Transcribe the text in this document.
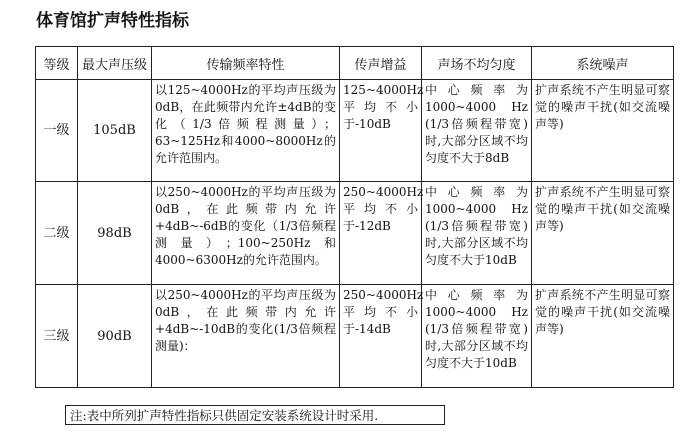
体育馆扩声特性指标
等级	最大声压级	传输频率特性	传声增益	声场不均匀度	系统噪声
一级	105dB	以125~4000Hz的平均声压级为0dB，在此频带内允许±4dB的变化（1/3倍频程测量）；63~125Hz和4000~8000Hz的允许范围内。	125~4000Hz平均不小于-10dB	中心频率为1000~4000 Hz (1/3倍频程带宽)时,大部分区域不均匀度不大于8dB	扩声系统不产生明显可察觉的噪声干扰(如交流噪声等)
二级	98dB	以250~4000Hz的平均声压级为0dB，在此频带内允许+4dB~-6dB的变化（1/3倍频程测量）；100~250Hz和4000~6300Hz的允许范围内。	250~4000Hz平均不小于-12dB	中心频率为1000~4000 Hz (1/3倍频程带宽)时,大部分区域不均匀度不大于10dB	扩声系统不产生明显可察觉的噪声干扰(如交流噪声等)
三级	90dB	以250~4000Hz的平均声压级为0dB，在此频带内允许+4dB~-10dB的变化(1/3倍频程测量)：	250~4000Hz平均不小于-14dB	中心频率为1000~4000 Hz (1/3倍频程带宽)时,大部分区域不均匀度不大于10dB	扩声系统不产生明显可察觉的噪声干扰(如交流噪声等)
注:表中所列扩声特性指标只供固定安装系统设计时采用.
